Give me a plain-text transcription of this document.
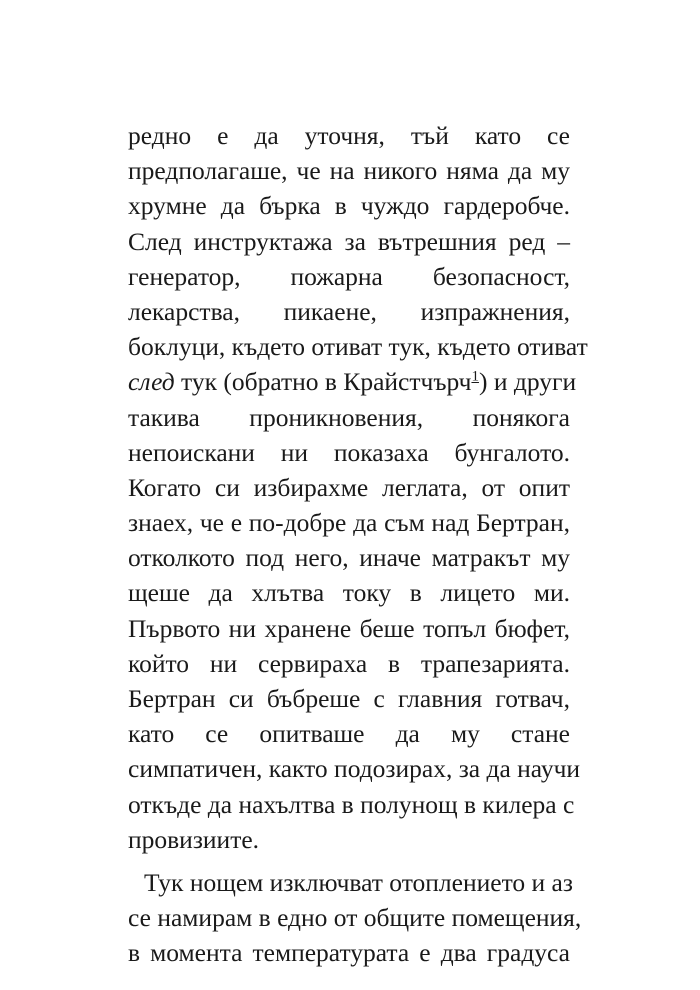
редно е да уточня, тъй като се
предполагаше, че на никого няма да му
хрумне да бърка в чуждо гардеробче.
След инструктажа за вътрешния ред –
генератор, пожарна безопасност,
лекарства, пикаене, изпражнения,
боклуци, където отиват тук, където отиват
след тук (обратно в Крайстчърч$^1$) и други
такива проникновения, понякога
непоискани ни показаха бунгалото.
Когато си избирахме леглата, от опит
знаех, че е по-добре да съм над Бертран,
отколкото под него, иначе матракът му
щеше да хлътва току в лицето ми.
Първото ни хранене беше топъл бюфет,
който ни сервираха в трапезарията.
Бертран си бъбреше с главния готвач,
като се опитваше да му стане
симпатичен, както подозирах, за да научи
откъде да нахълтва в полунощ в килера с
провизиите.
Тук нощем изключват отоплението и аз
се намирам в едно от общите помещения,
в момента температурата е два градуса
